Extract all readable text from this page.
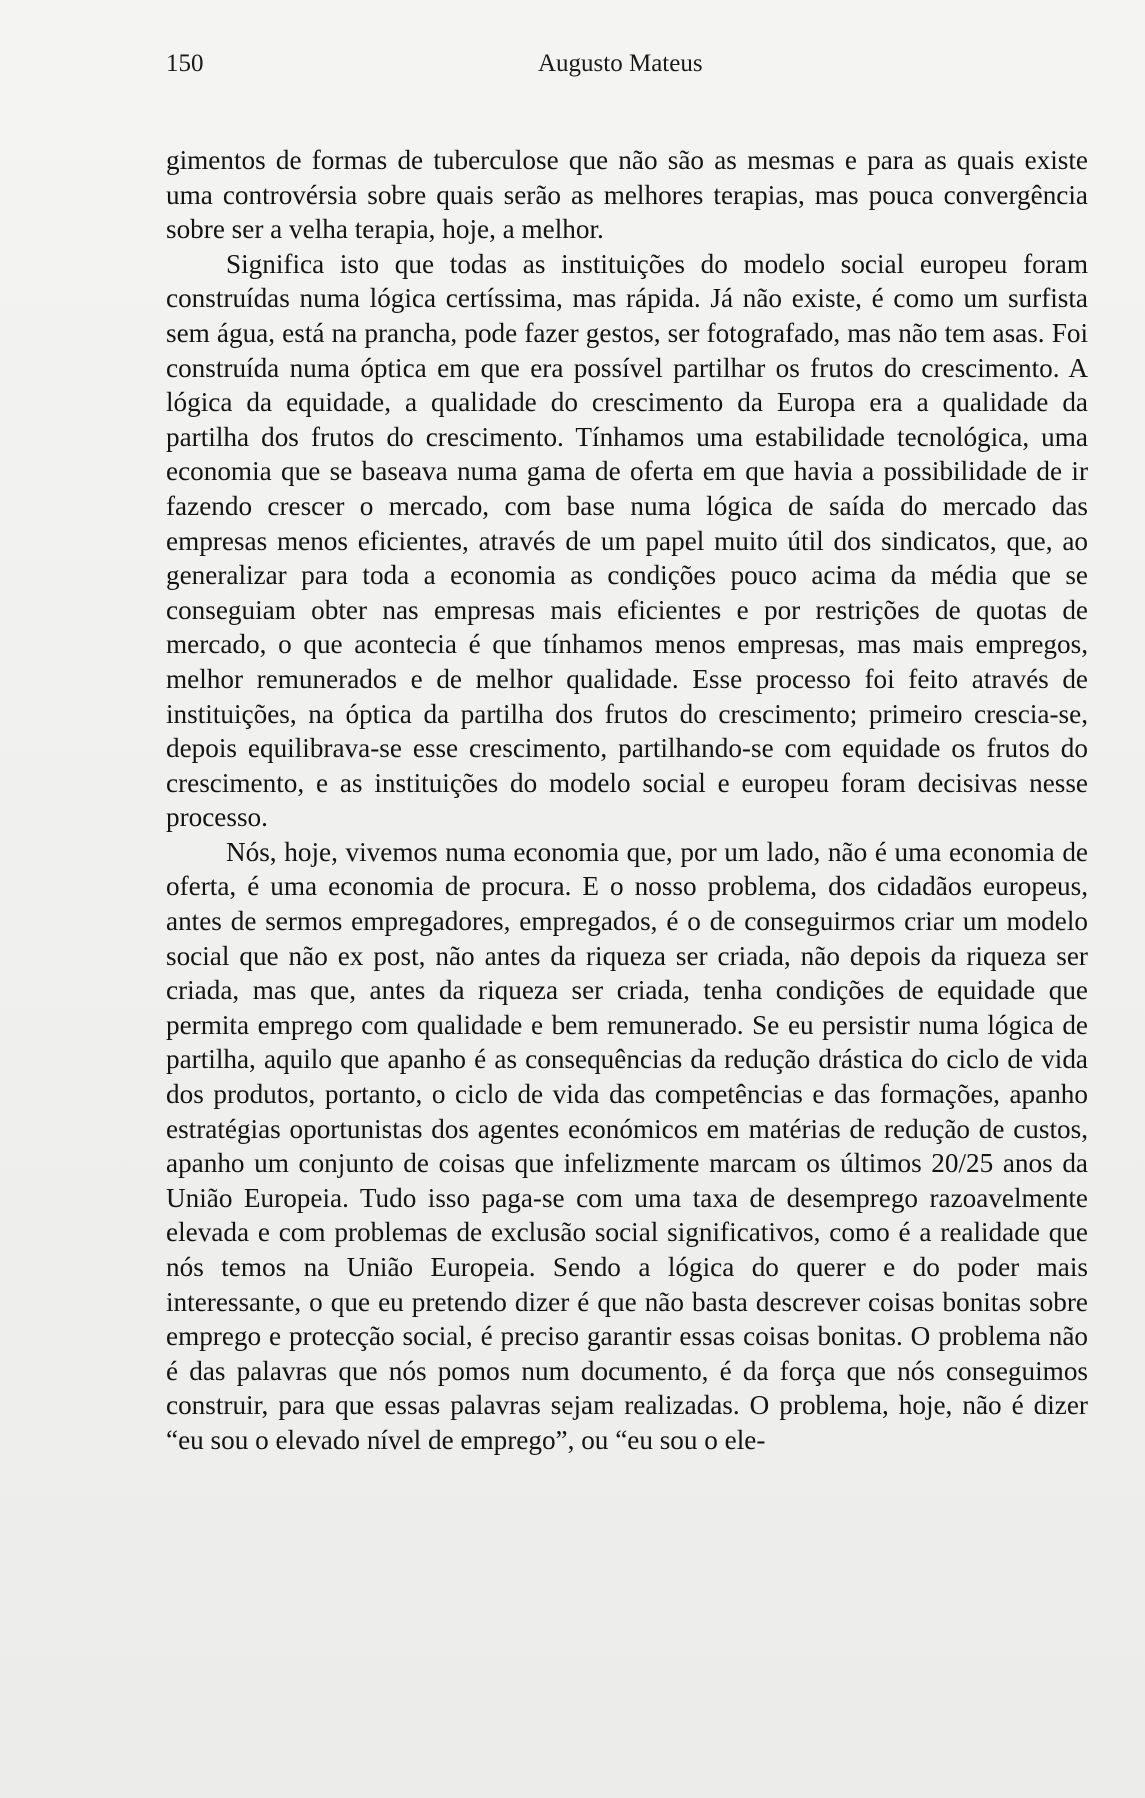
150	Augusto Mateus

gimentos de formas de tuberculose que não são as mesmas e para as quais existe uma controvérsia sobre quais serão as melhores terapias, mas pouca convergência sobre ser a velha terapia, hoje, a melhor.

Significa isto que todas as instituições do modelo social europeu foram construídas numa lógica certíssima, mas rápida. Já não existe, é como um surfista sem água, está na prancha, pode fazer gestos, ser fotografado, mas não tem asas. Foi construída numa óptica em que era possível partilhar os frutos do crescimento. A lógica da equidade, a qualidade do crescimento da Europa era a qualidade da partilha dos frutos do crescimento. Tínhamos uma estabilidade tecnológica, uma economia que se baseava numa gama de oferta em que havia a possibilidade de ir fazendo crescer o mercado, com base numa lógica de saída do mercado das empresas menos eficientes, através de um papel muito útil dos sindicatos, que, ao generalizar para toda a economia as condições pouco acima da média que se conseguiam obter nas empresas mais eficientes e por restrições de quotas de mercado, o que acontecia é que tínhamos menos empresas, mas mais empregos, melhor remunerados e de melhor qualidade. Esse processo foi feito através de instituições, na óptica da partilha dos frutos do crescimento; primeiro crescia-se, depois equilibrava-se esse crescimento, partilhando-se com equidade os frutos do crescimento, e as instituições do modelo social e europeu foram decisivas nesse processo.

Nós, hoje, vivemos numa economia que, por um lado, não é uma economia de oferta, é uma economia de procura. E o nosso problema, dos cidadãos europeus, antes de sermos empregadores, empregados, é o de conseguirmos criar um modelo social que não ex post, não antes da riqueza ser criada, não depois da riqueza ser criada, mas que, antes da riqueza ser criada, tenha condições de equidade que permita emprego com qualidade e bem remunerado. Se eu persistir numa lógica de partilha, aquilo que apanho é as consequências da redução drástica do ciclo de vida dos produtos, portanto, o ciclo de vida das competências e das formações, apanho estratégias oportunistas dos agentes económicos em matérias de redução de custos, apanho um conjunto de coisas que infelizmente marcam os últimos 20/25 anos da União Europeia. Tudo isso paga-se com uma taxa de desemprego razoavelmente elevada e com problemas de exclusão social significativos, como é a realidade que nós temos na União Europeia. Sendo a lógica do querer e do poder mais interessante, o que eu pretendo dizer é que não basta descrever coisas bonitas sobre emprego e protecção social, é preciso garantir essas coisas bonitas. O problema não é das palavras que nós pomos num documento, é da força que nós conseguimos construir, para que essas palavras sejam realizadas. O problema, hoje, não é dizer “eu sou o elevado nível de emprego”, ou “eu sou o ele-
